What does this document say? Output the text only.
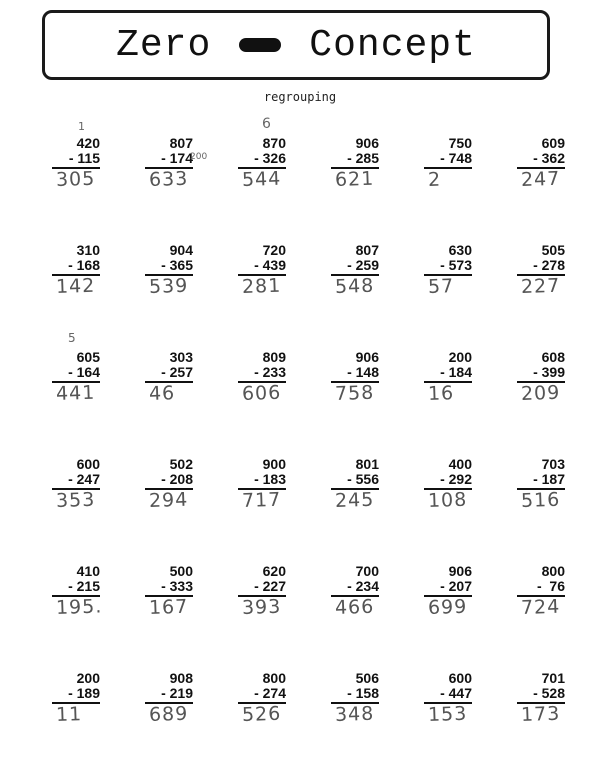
Zero	Concept
regrouping
420
- 115
305
807
- 174
633
870
- 326
544
906
- 285
621
750
- 748
2
609
- 362
247
310
- 168
142
904
- 365
539
720
- 439
281
807
- 259
548
630
- 573
57
505
- 278
227
605
- 164
441
303
- 257
46
809
- 233
606
906
- 148
758
200
- 184
16
608
- 399
209
600
- 247
353
502
- 208
294
900
- 183
717
801
- 556
245
400
- 292
108
703
- 187
516
410
- 215
195.
500
- 333
167
620
- 227
393
700
- 234
466
906
- 207
699
800
-  76
724
200
- 189
11
908
- 219
689
800
- 274
526
506
- 158
348
600
- 447
153
701
- 528
173
1	6
200
5
